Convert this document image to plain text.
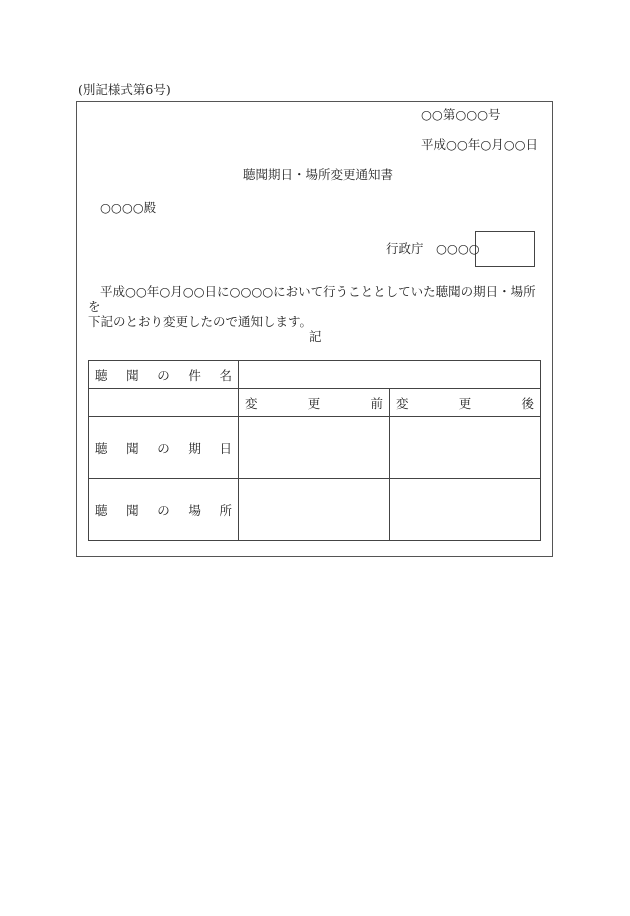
(別記様式第6号)
○○第○○○号
平成○○年○月○○日
聴聞期日・場所変更通知書
○○○○殿
行政庁　○○○○
平成○○年○月○○日に○○○○において行うこととしていた聴聞の期日・場所を
下記のとおり変更したので通知します。
記
聴 聞 の 件 名		

	変 更 前	変 更 後

聴 聞 の 期 日		

聴 聞 の 場 所		
